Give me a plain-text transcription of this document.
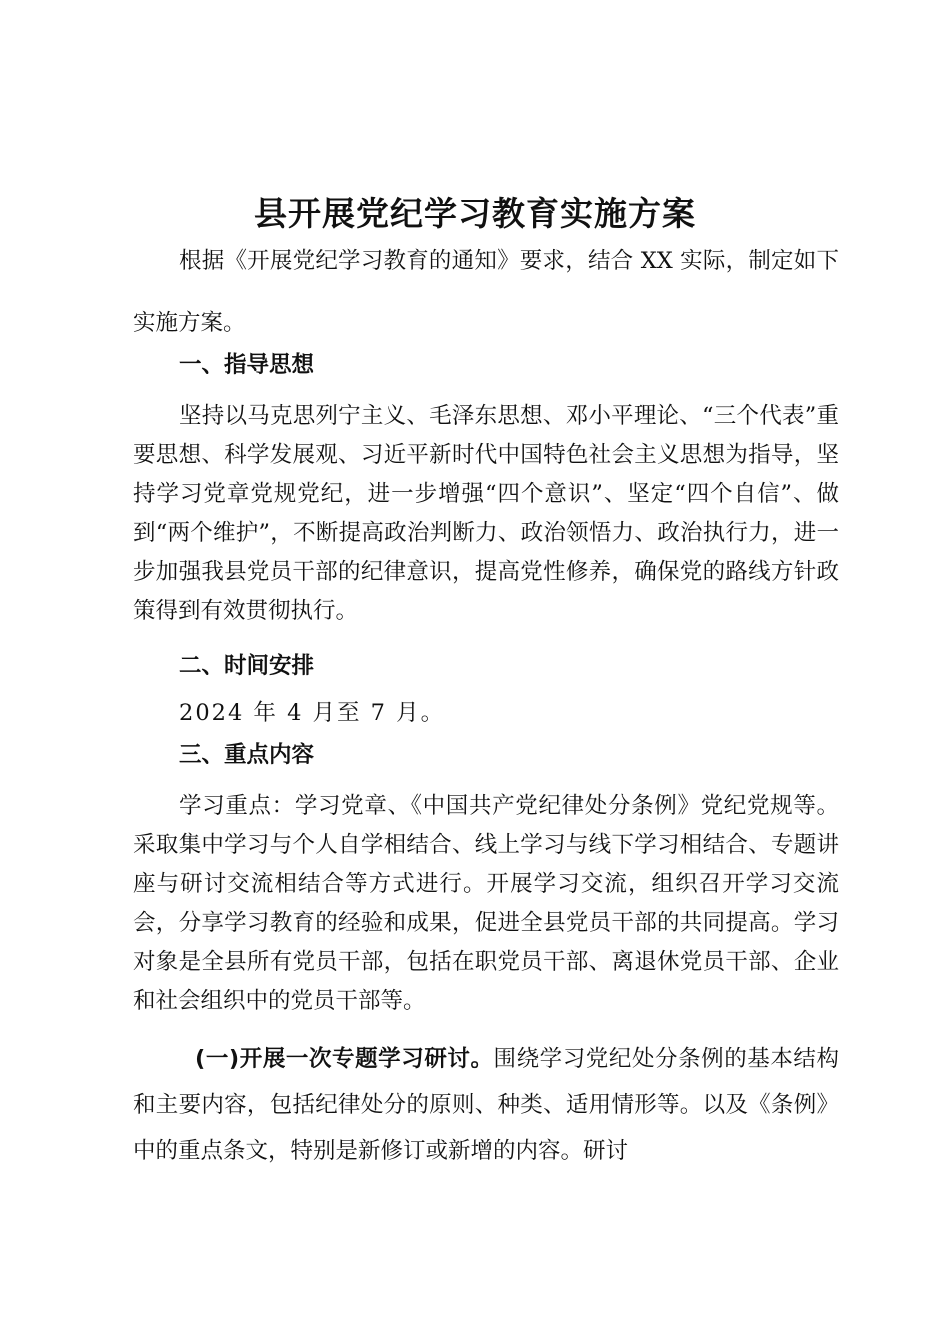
县开展党纪学习教育实施方案

根据《开展党纪学习教育的通知》要求，结合 XX 实际，制定如下实施方案。

一、指导思想

坚持以马克思列宁主义、毛泽东思想、邓小平理论、“三个代表”重要思想、科学发展观、习近平新时代中国特色社会主义思想为指导，坚持学习党章党规党纪，进一步增强“四个意识”、坚定“四个自信”、做到“两个维护”，不断提高政治判断力、政治领悟力、政治执行力，进一步加强我县党员干部的纪律意识，提高党性修养，确保党的路线方针政策得到有效贯彻执行。

二、时间安排

2024 年 4 月至 7 月。

三、重点内容

学习重点：学习党章、《中国共产党纪律处分条例》党纪党规等。采取集中学习与个人自学相结合、线上学习与线下学习相结合、专题讲座与研讨交流相结合等方式进行。开展学习交流，组织召开学习交流会，分享学习教育的经验和成果，促进全县党员干部的共同提高。学习对象是全县所有党员干部，包括在职党员干部、离退休党员干部、企业和社会组织中的党员干部等。

(一)开展一次专题学习研讨。围绕学习党纪处分条例的基本结构和主要内容，包括纪律处分的原则、种类、适用情形等。以及《条例》中的重点条文，特别是新修订或新增的内容。研讨
